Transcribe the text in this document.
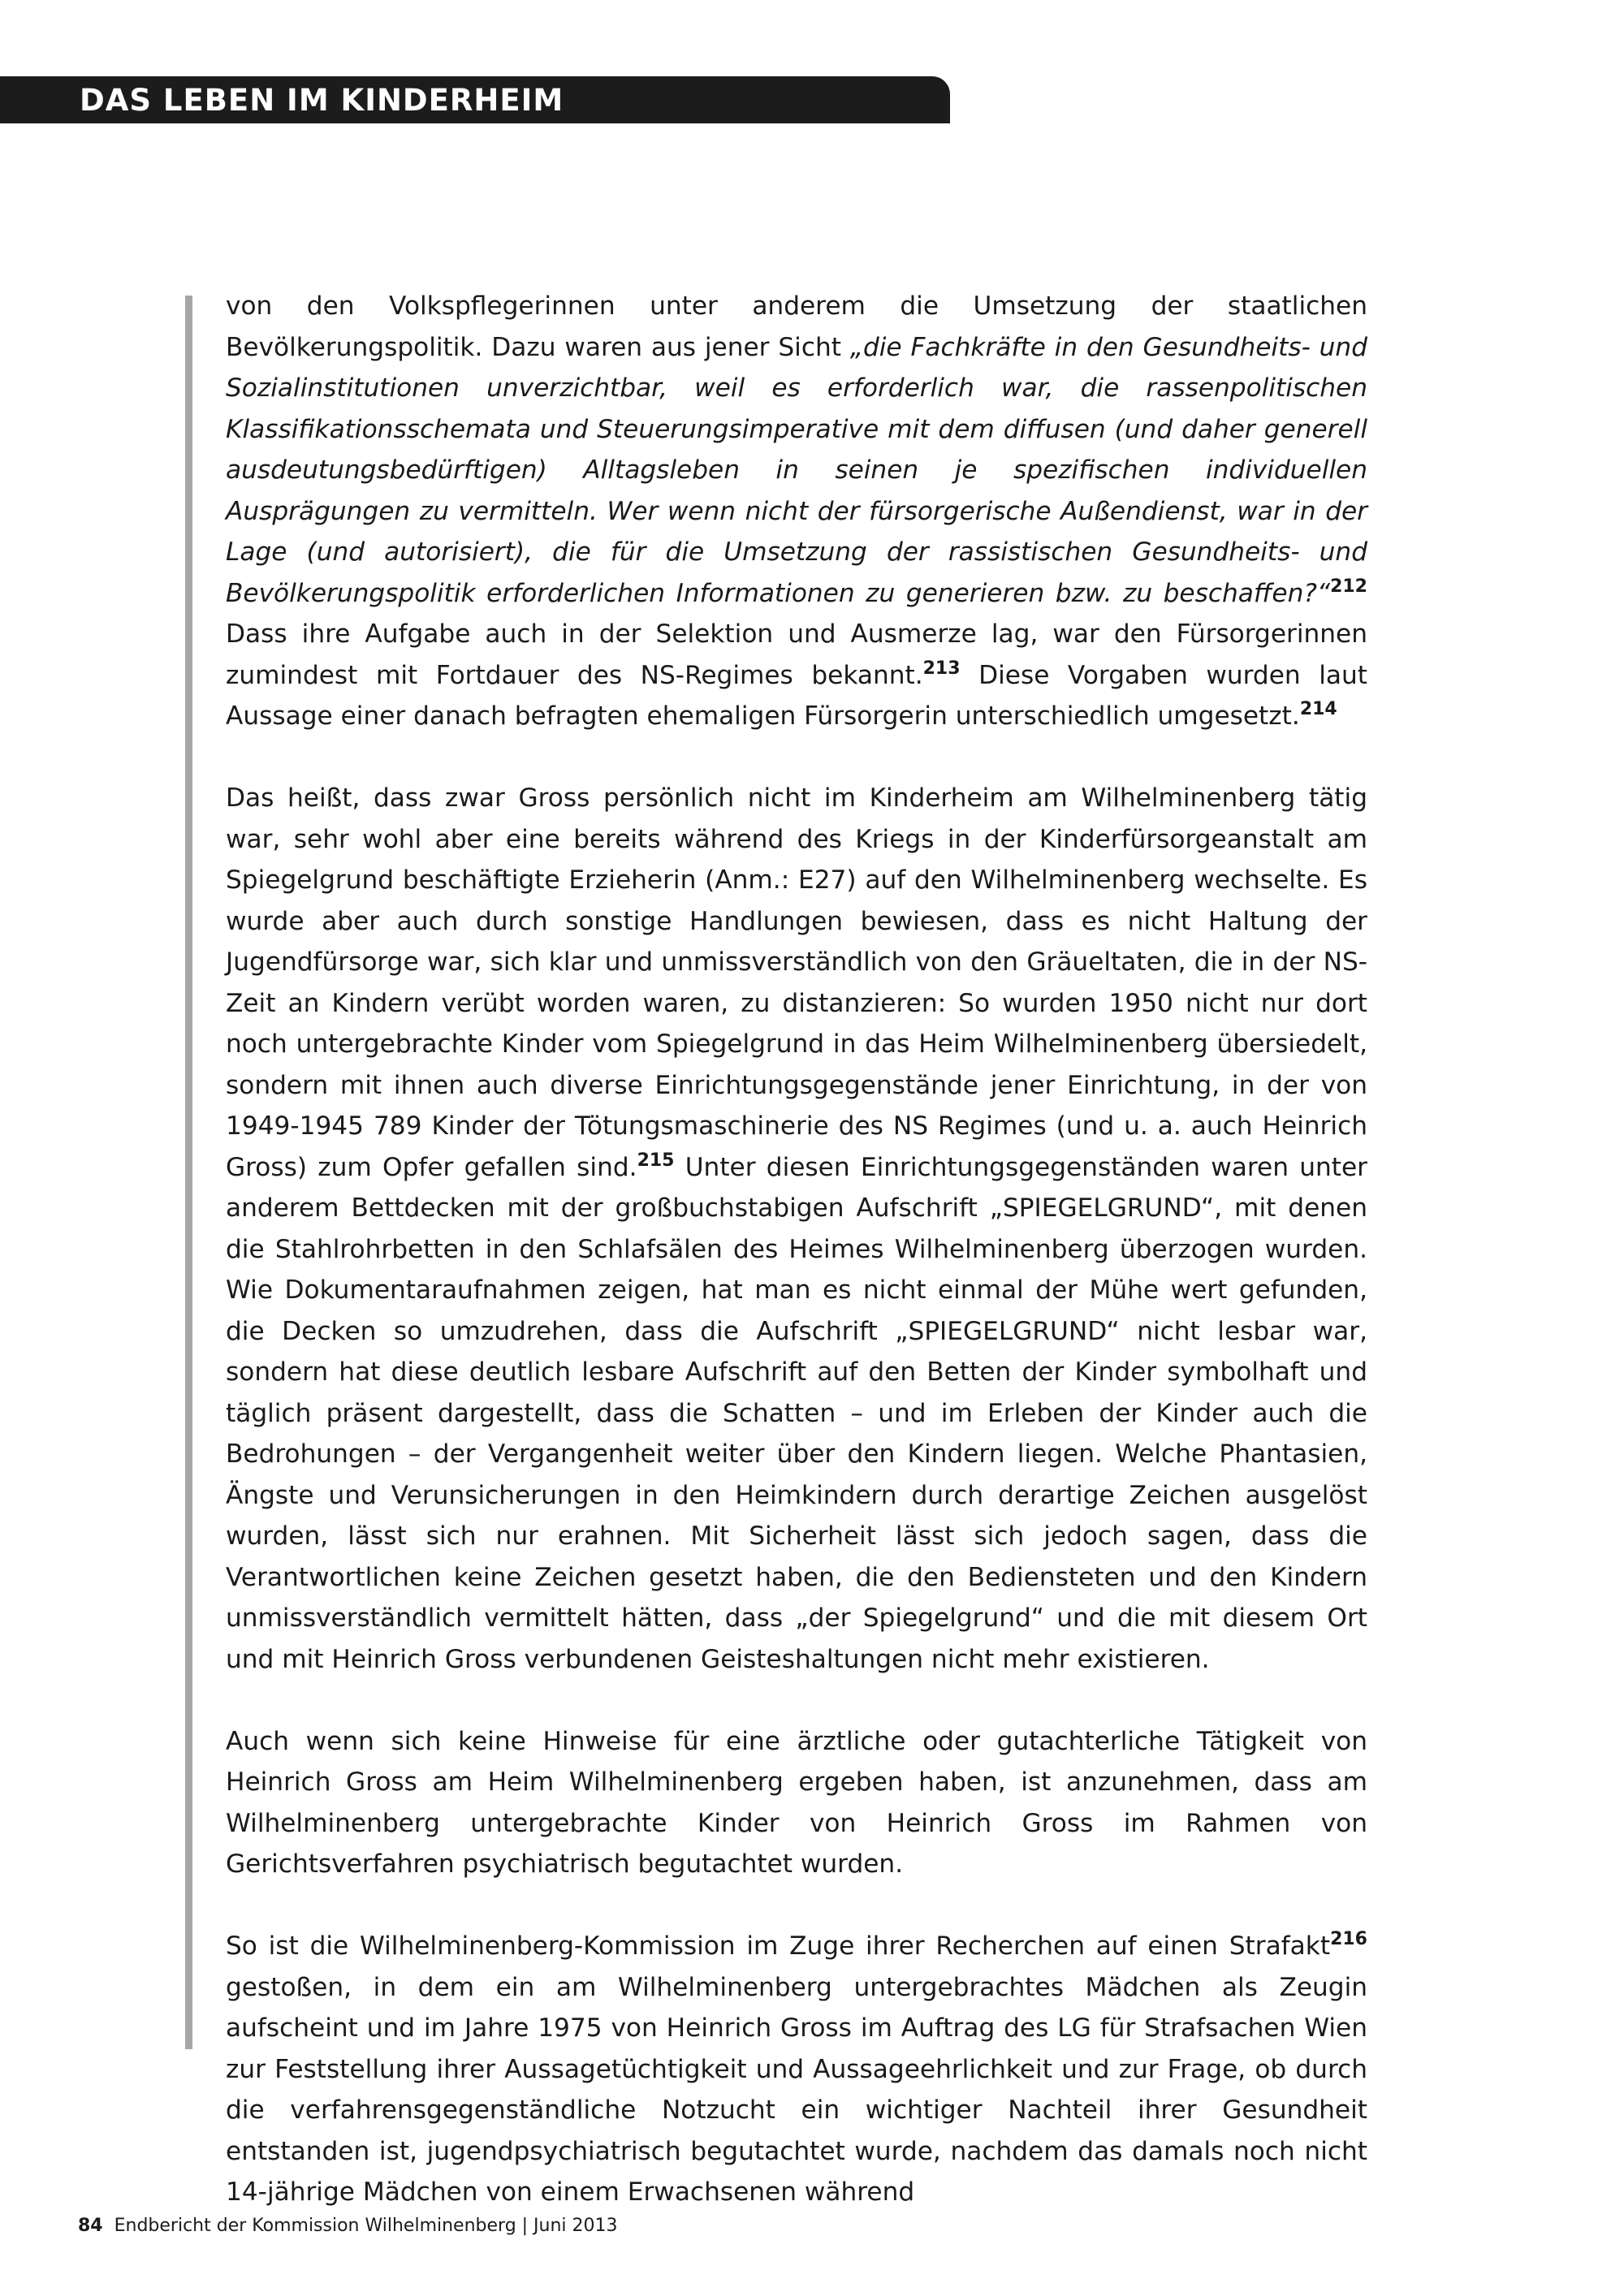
DAS LEBEN IM KINDERHEIM

von den Volkspflegerinnen unter anderem die Umsetzung der staatlichen Bevölkerungspolitik. Dazu waren aus jener Sicht „die Fachkräfte in den Gesundheits- und Sozialinstitutionen unverzichtbar, weil es erforderlich war, die rassenpolitischen Klassifikationsschemata und Steuerungsimperative mit dem diffusen (und daher generell ausdeutungsbedürftigen) Alltagsleben in seinen je spezifischen individuellen Ausprägungen zu vermitteln. Wer wenn nicht der fürsorgerische Außendienst, war in der Lage (und autorisiert), die für die Umsetzung der rassistischen Gesundheits- und Bevölkerungspolitik erforderlichen Informationen zu generieren bzw. zu beschaffen?“$^{212}$ Dass ihre Aufgabe auch in der Selektion und Ausmerze lag, war den Fürsorgerinnen zumindest mit Fortdauer des NS-Regimes bekannt.$^{213}$ Diese Vorgaben wurden laut Aussage einer danach befragten ehemaligen Fürsorgerin unterschiedlich umgesetzt.$^{214}$

Das heißt, dass zwar Gross persönlich nicht im Kinderheim am Wilhelminenberg tätig war, sehr wohl aber eine bereits während des Kriegs in der Kinderfürsorgeanstalt am Spiegelgrund beschäftigte Erzieherin (Anm.: E27) auf den Wilhelminenberg wechselte. Es wurde aber auch durch sonstige Handlungen bewiesen, dass es nicht Haltung der Jugendfürsorge war, sich klar und unmissverständlich von den Gräueltaten, die in der NS-Zeit an Kindern verübt worden waren, zu distanzieren: So wurden 1950 nicht nur dort noch untergebrachte Kinder vom Spiegelgrund in das Heim Wilhelminenberg übersiedelt, sondern mit ihnen auch diverse Einrichtungsgegenstände jener Einrichtung, in der von 1949-1945 789 Kinder der Tötungsmaschinerie des NS Regimes (und u. a. auch Heinrich Gross) zum Opfer gefallen sind.$^{215}$ Unter diesen Einrichtungsgegenständen waren unter anderem Bettdecken mit der großbuchstabigen Aufschrift „SPIEGELGRUND“, mit denen die Stahlrohrbetten in den Schlafsälen des Heimes Wilhelminenberg überzogen wurden. Wie Dokumentaraufnahmen zeigen, hat man es nicht einmal der Mühe wert gefunden, die Decken so umzudrehen, dass die Aufschrift „SPIEGELGRUND“ nicht lesbar war, sondern hat diese deutlich lesbare Aufschrift auf den Betten der Kinder symbolhaft und täglich präsent dargestellt, dass die Schatten – und im Erleben der Kinder auch die Bedrohungen – der Vergangenheit weiter über den Kindern liegen. Welche Phantasien, Ängste und Verunsicherungen in den Heimkindern durch derartige Zeichen ausgelöst wurden, lässt sich nur erahnen. Mit Sicherheit lässt sich jedoch sagen, dass die Verantwortlichen keine Zeichen gesetzt haben, die den Bediensteten und den Kindern unmissverständlich vermittelt hätten, dass „der Spiegelgrund“ und die mit diesem Ort und mit Heinrich Gross verbundenen Geisteshaltungen nicht mehr existieren.

Auch wenn sich keine Hinweise für eine ärztliche oder gutachterliche Tätigkeit von Heinrich Gross am Heim Wilhelminenberg ergeben haben, ist anzunehmen, dass am Wilhelminenberg untergebrachte Kinder von Heinrich Gross im Rahmen von Gerichtsverfahren psychiatrisch begutachtet wurden.

So ist die Wilhelminenberg-Kommission im Zuge ihrer Recherchen auf einen Strafakt$^{216}$ gestoßen, in dem ein am Wilhelminenberg untergebrachtes Mädchen als Zeugin aufscheint und im Jahre 1975 von Heinrich Gross im Auftrag des LG für Strafsachen Wien zur Feststellung ihrer Aussagetüchtigkeit und Aussageehrlichkeit und zur Frage, ob durch die verfahrensgegenständliche Notzucht ein wichtiger Nachteil ihrer Gesundheit entstanden ist, jugendpsychiatrisch begutachtet wurde, nachdem das damals noch nicht 14-jährige Mädchen von einem Erwachsenen während

84 Endbericht der Kommission Wilhelminenberg | Juni 2013
